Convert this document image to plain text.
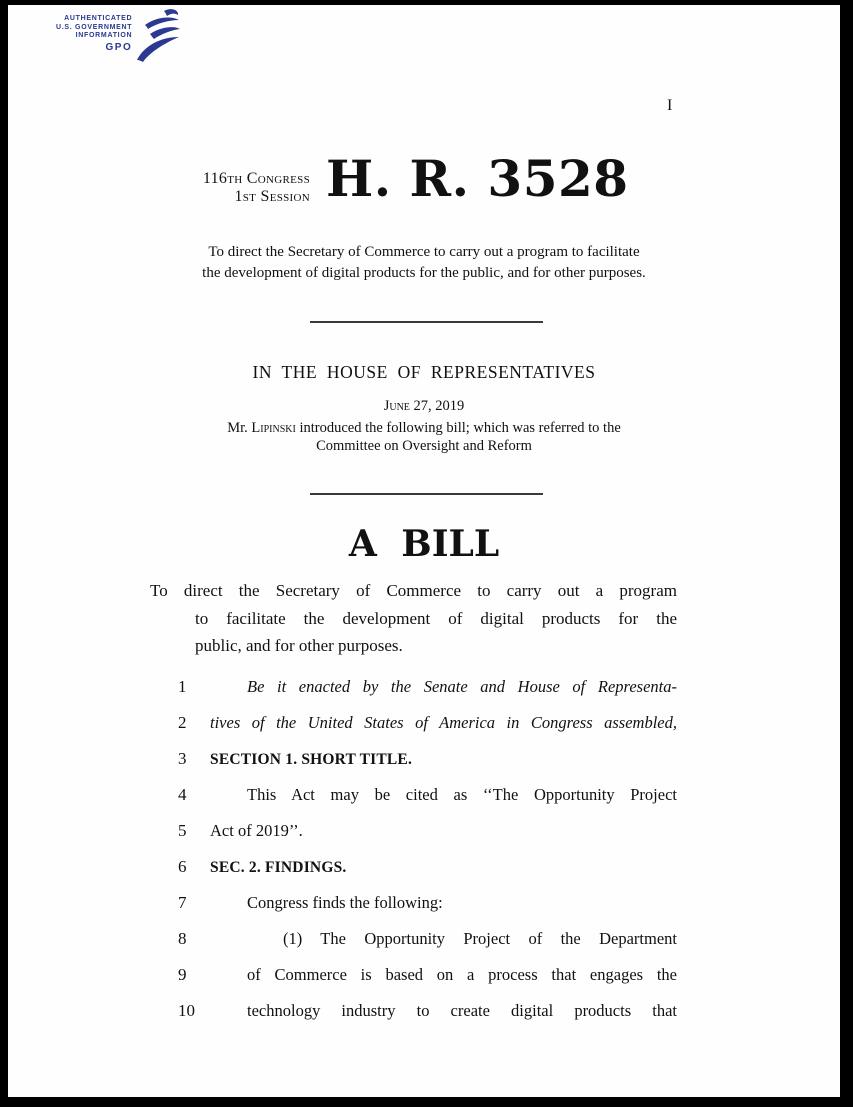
AUTHENTICATED
U.S. GOVERNMENT
INFORMATION
GPO
I
116th Congress
1st Session H. R. 3528
To direct the Secretary of Commerce to carry out a program to facilitate
the development of digital products for the public, and for other purposes.
IN THE HOUSE OF REPRESENTATIVES
June 27, 2019
Mr. Lipinski introduced the following bill; which was referred to the
Committee on Oversight and Reform
A BILL
To direct the Secretary of Commerce to carry out a program
to facilitate the development of digital products for the
public, and for other purposes.
1	Be it enacted by the Senate and House of Representa-
2	tives of the United States of America in Congress assembled,
3	SECTION 1. SHORT TITLE.
4	This Act may be cited as ‘‘The Opportunity Project
5	Act of 2019’’.
6	SEC. 2. FINDINGS.
7	Congress finds the following:
8	(1) The Opportunity Project of the Department
9	of Commerce is based on a process that engages the
10	technology industry to create digital products that
